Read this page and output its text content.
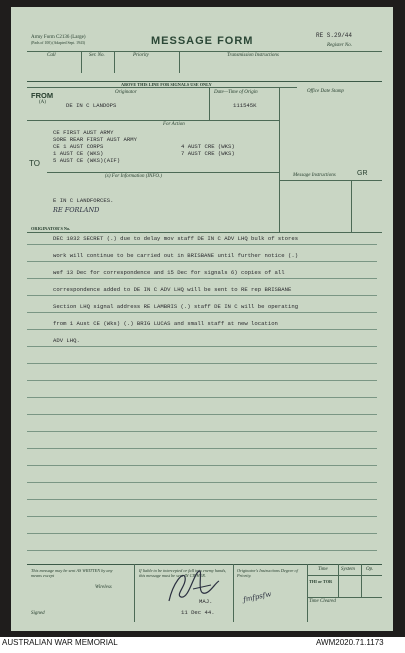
Army Form C2136 (Large)
(Pads of 100) (Adapted Sept. 1943)	MESSAGE FORM	RE S.29/44
Register No.
Call	Ser. No.	Priority	Transmission Instructions
ABOVE THIS LINE FOR SIGNALS USE ONLY
Office Date Stamp
FROM
(A)
Originator
DE IN C LANDOPS
Date—Time of Origin
111545K
For Action
CE FIRST AUST ARMY
SORE REAR FIRST AUST ARMY
CE 1 AUST CORPS
1 AUST CE (WKS)
5 AUST CE (WKS)(AIF)
4 AUST CRE (WKS)
7 AUST CRE (WKS)
TO
(x) For Information (INFO.)	Message Instructions	GR
E IN C LANDFORCES.
RE FORLAND
ORIGINATOR'S No.
DEC 1032 SECRET (.) due to delay mov staff DE IN C ADV LHQ bulk of stores
work will continue to be carried out in BRISBANE until further notice (.)
wef 13 Dec for correspondence and 15 Dec for signals 6) copies of all
correspondence added to DE IN C ADV LHQ will be sent to RE rep BRISBANE
Section LHQ signal address RE LAMBRIS (.) staff DE IN C will be operating
from 1 Aust CE (Wks) (.) BRIG LUCAS and small staff at new location
ADV LHQ.
This message may be sent AS WRITTEN by any means except
Wireless
If liable to be intercepted or fall into enemy hands, this message must be sent IN CIPHER.
Originator's Instructions Degree of Priority.
Time	System Op.
THI or TOR
Time Cleared
ƒmfpsfw
MAJ.
11 Dec 44.
Signed
AUSTRALIAN WAR MEMORIAL	AWM2020.71.1173
